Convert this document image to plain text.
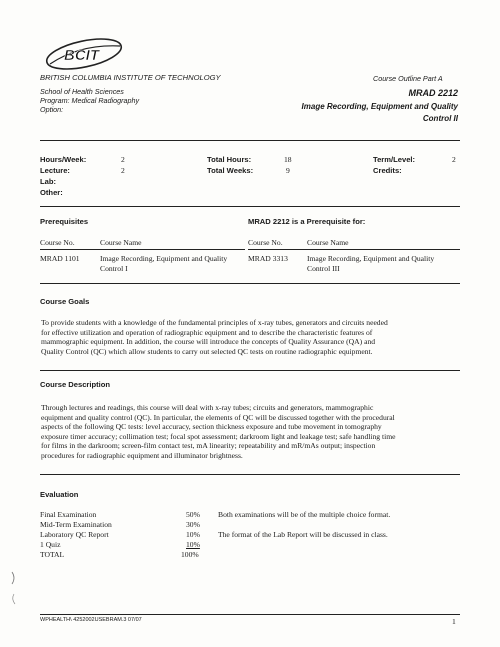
BCIT
BRITISH COLUMBIA INSTITUTE OF TECHNOLOGY	Course Outline Part A
School of Health Sciences
Program: Medical Radiography
Option:
MRAD 2212
Image Recording, Equipment and Quality
Control II
Hours/Week:	2
Lecture:	2
Lab:
Other:
Total Hours:	18
Total Weeks:	9
Term/Level:	2
Credits:
Prerequisites	MRAD 2212 is a Prerequisite for:
Course No.	Course Name	Course No.	Course Name
MRAD 1101	Image Recording, Equipment and Quality
Control I
MRAD 3313	Image Recording, Equipment and Quality
Control III
Course Goals
To provide students with a knowledge of the fundamental principles of x-ray tubes, generators and circuits needed
for effective utilization and operation of radiographic equipment and to describe the characteristic features of
mammographic equipment. In addition, the course will introduce the concepts of Quality Assurance (QA) and
Quality Control (QC) which allow students to carry out selected QC tests on routine radiographic equipment.
Course Description
Through lectures and readings, this course will deal with x-ray tubes; circuits and generators, mammographic
equipment and quality control (QC). In particular, the elements of QC will be discussed together with the procedural
aspects of the following QC tests: level accuracy, section thickness exposure and tube movement in tomography
exposure timer accuracy; collimation test; focal spot assessment; darkroom light and leakage test; safe handling time
for films in the darkroom; screen-film contact test, mA linearity; repeatability and mR/mAs output; inspection
procedures for radiographic equipment and illuminator brightness.
Evaluation
Final Examination	50%
Mid-Term Examination	30%
Laboratory QC Report	10%
1 Quiz	10%
TOTAL	100%
Both examinations will be of the multiple choice format.
The format of the Lab Report will be discussed in class.
WPHEALTH\ 4252002USEBRAM.3 07/07	1
